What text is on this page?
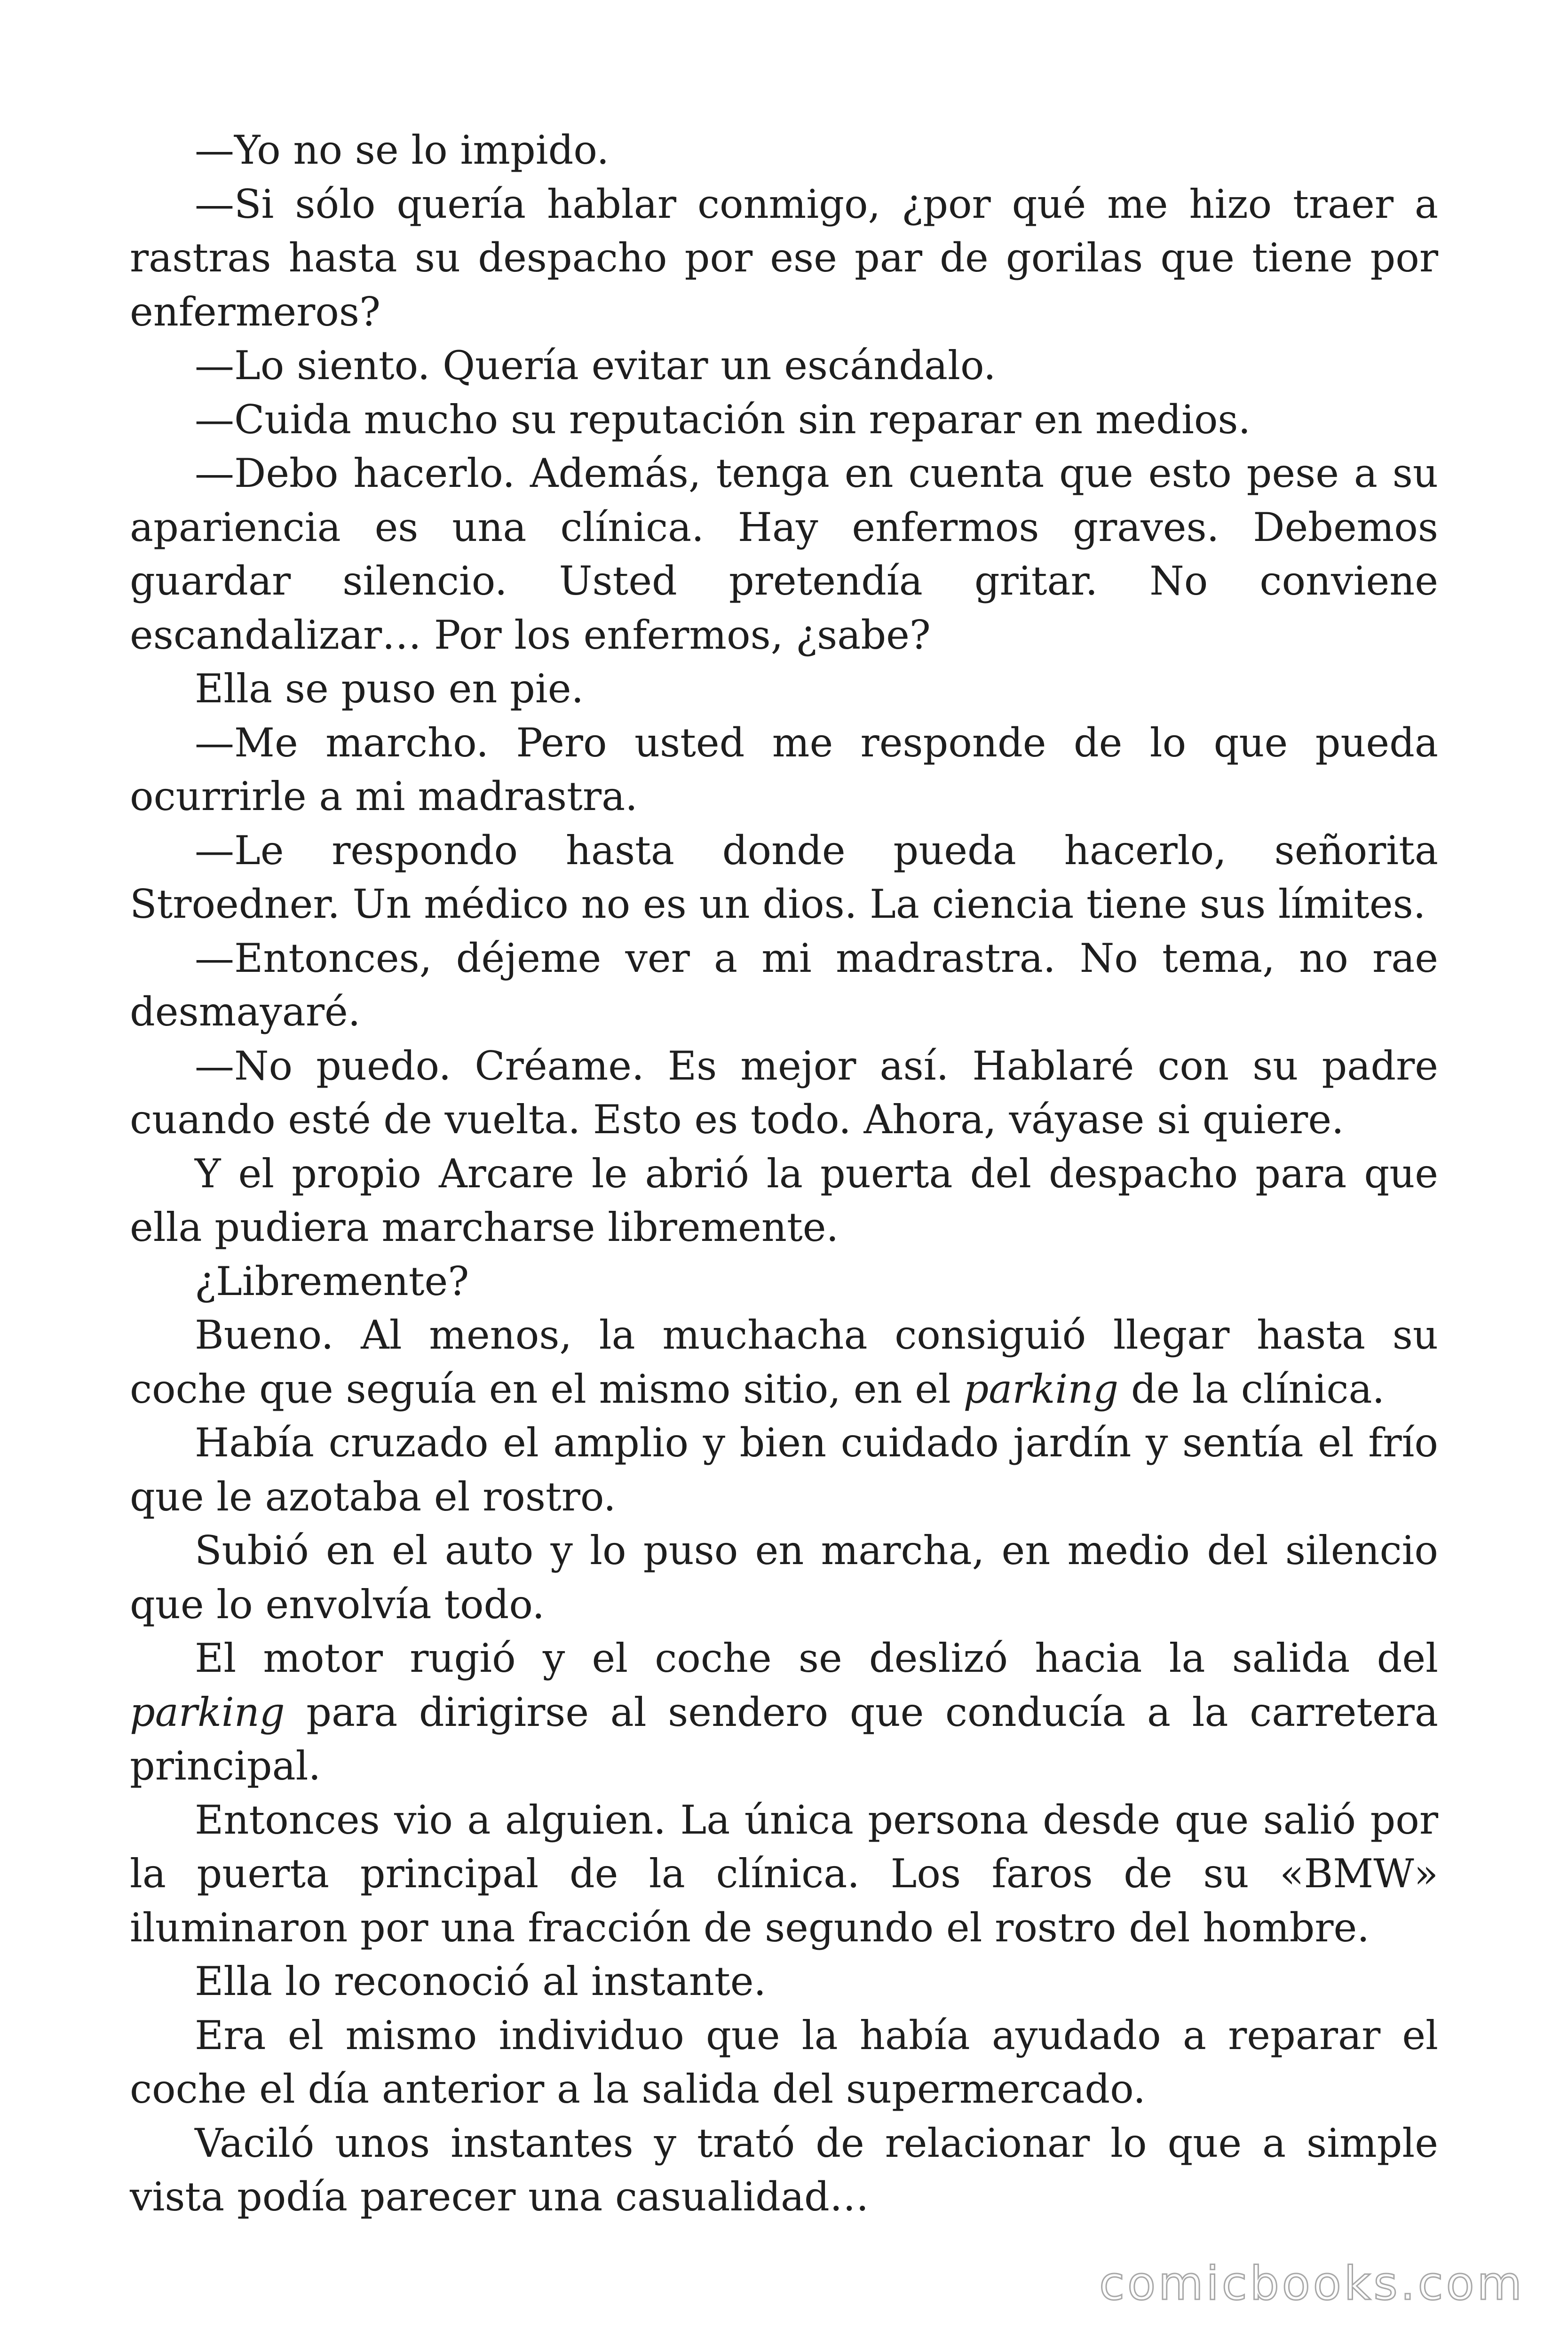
—Yo no se lo impido.

—Si sólo quería hablar conmigo, ¿por qué me hizo traer a rastras hasta su despacho por ese par de gorilas que tiene por enfermeros?

—Lo siento. Quería evitar un escándalo.

—Cuida mucho su reputación sin reparar en medios.

—Debo hacerlo. Además, tenga en cuenta que esto pese a su apariencia es una clínica. Hay enfermos graves. Debemos guardar silencio. Usted pretendía gritar. No conviene escandalizar… Por los enfermos, ¿sabe?

Ella se puso en pie.

—Me marcho. Pero usted me responde de lo que pueda ocurrirle a mi madrastra.

—Le respondo hasta donde pueda hacerlo, señorita Stroedner. Un médico no es un dios. La ciencia tiene sus límites.

—Entonces, déjeme ver a mi madrastra. No tema, no rae desmayaré.

—No puedo. Créame. Es mejor así. Hablaré con su padre cuando esté de vuelta. Esto es todo. Ahora, váyase si quiere.

Y el propio Arcare le abrió la puerta del despacho para que ella pudiera marcharse libremente.

¿Libremente?

Bueno. Al menos, la muchacha consiguió llegar hasta su coche que seguía en el mismo sitio, en el parking de la clínica.

Había cruzado el amplio y bien cuidado jardín y sentía el frío que le azotaba el rostro.

Subió en el auto y lo puso en marcha, en medio del silencio que lo envolvía todo.

El motor rugió y el coche se deslizó hacia la salida del parking para dirigirse al sendero que conducía a la carretera principal.

Entonces vio a alguien. La única persona desde que salió por la puerta principal de la clínica. Los faros de su «BMW» iluminaron por una fracción de segundo el rostro del hombre.

Ella lo reconoció al instante.

Era el mismo individuo que la había ayudado a reparar el coche el día anterior a la salida del supermercado.

Vaciló unos instantes y trató de relacionar lo que a simple vista podía parecer una casualidad…

comicbooks.com
